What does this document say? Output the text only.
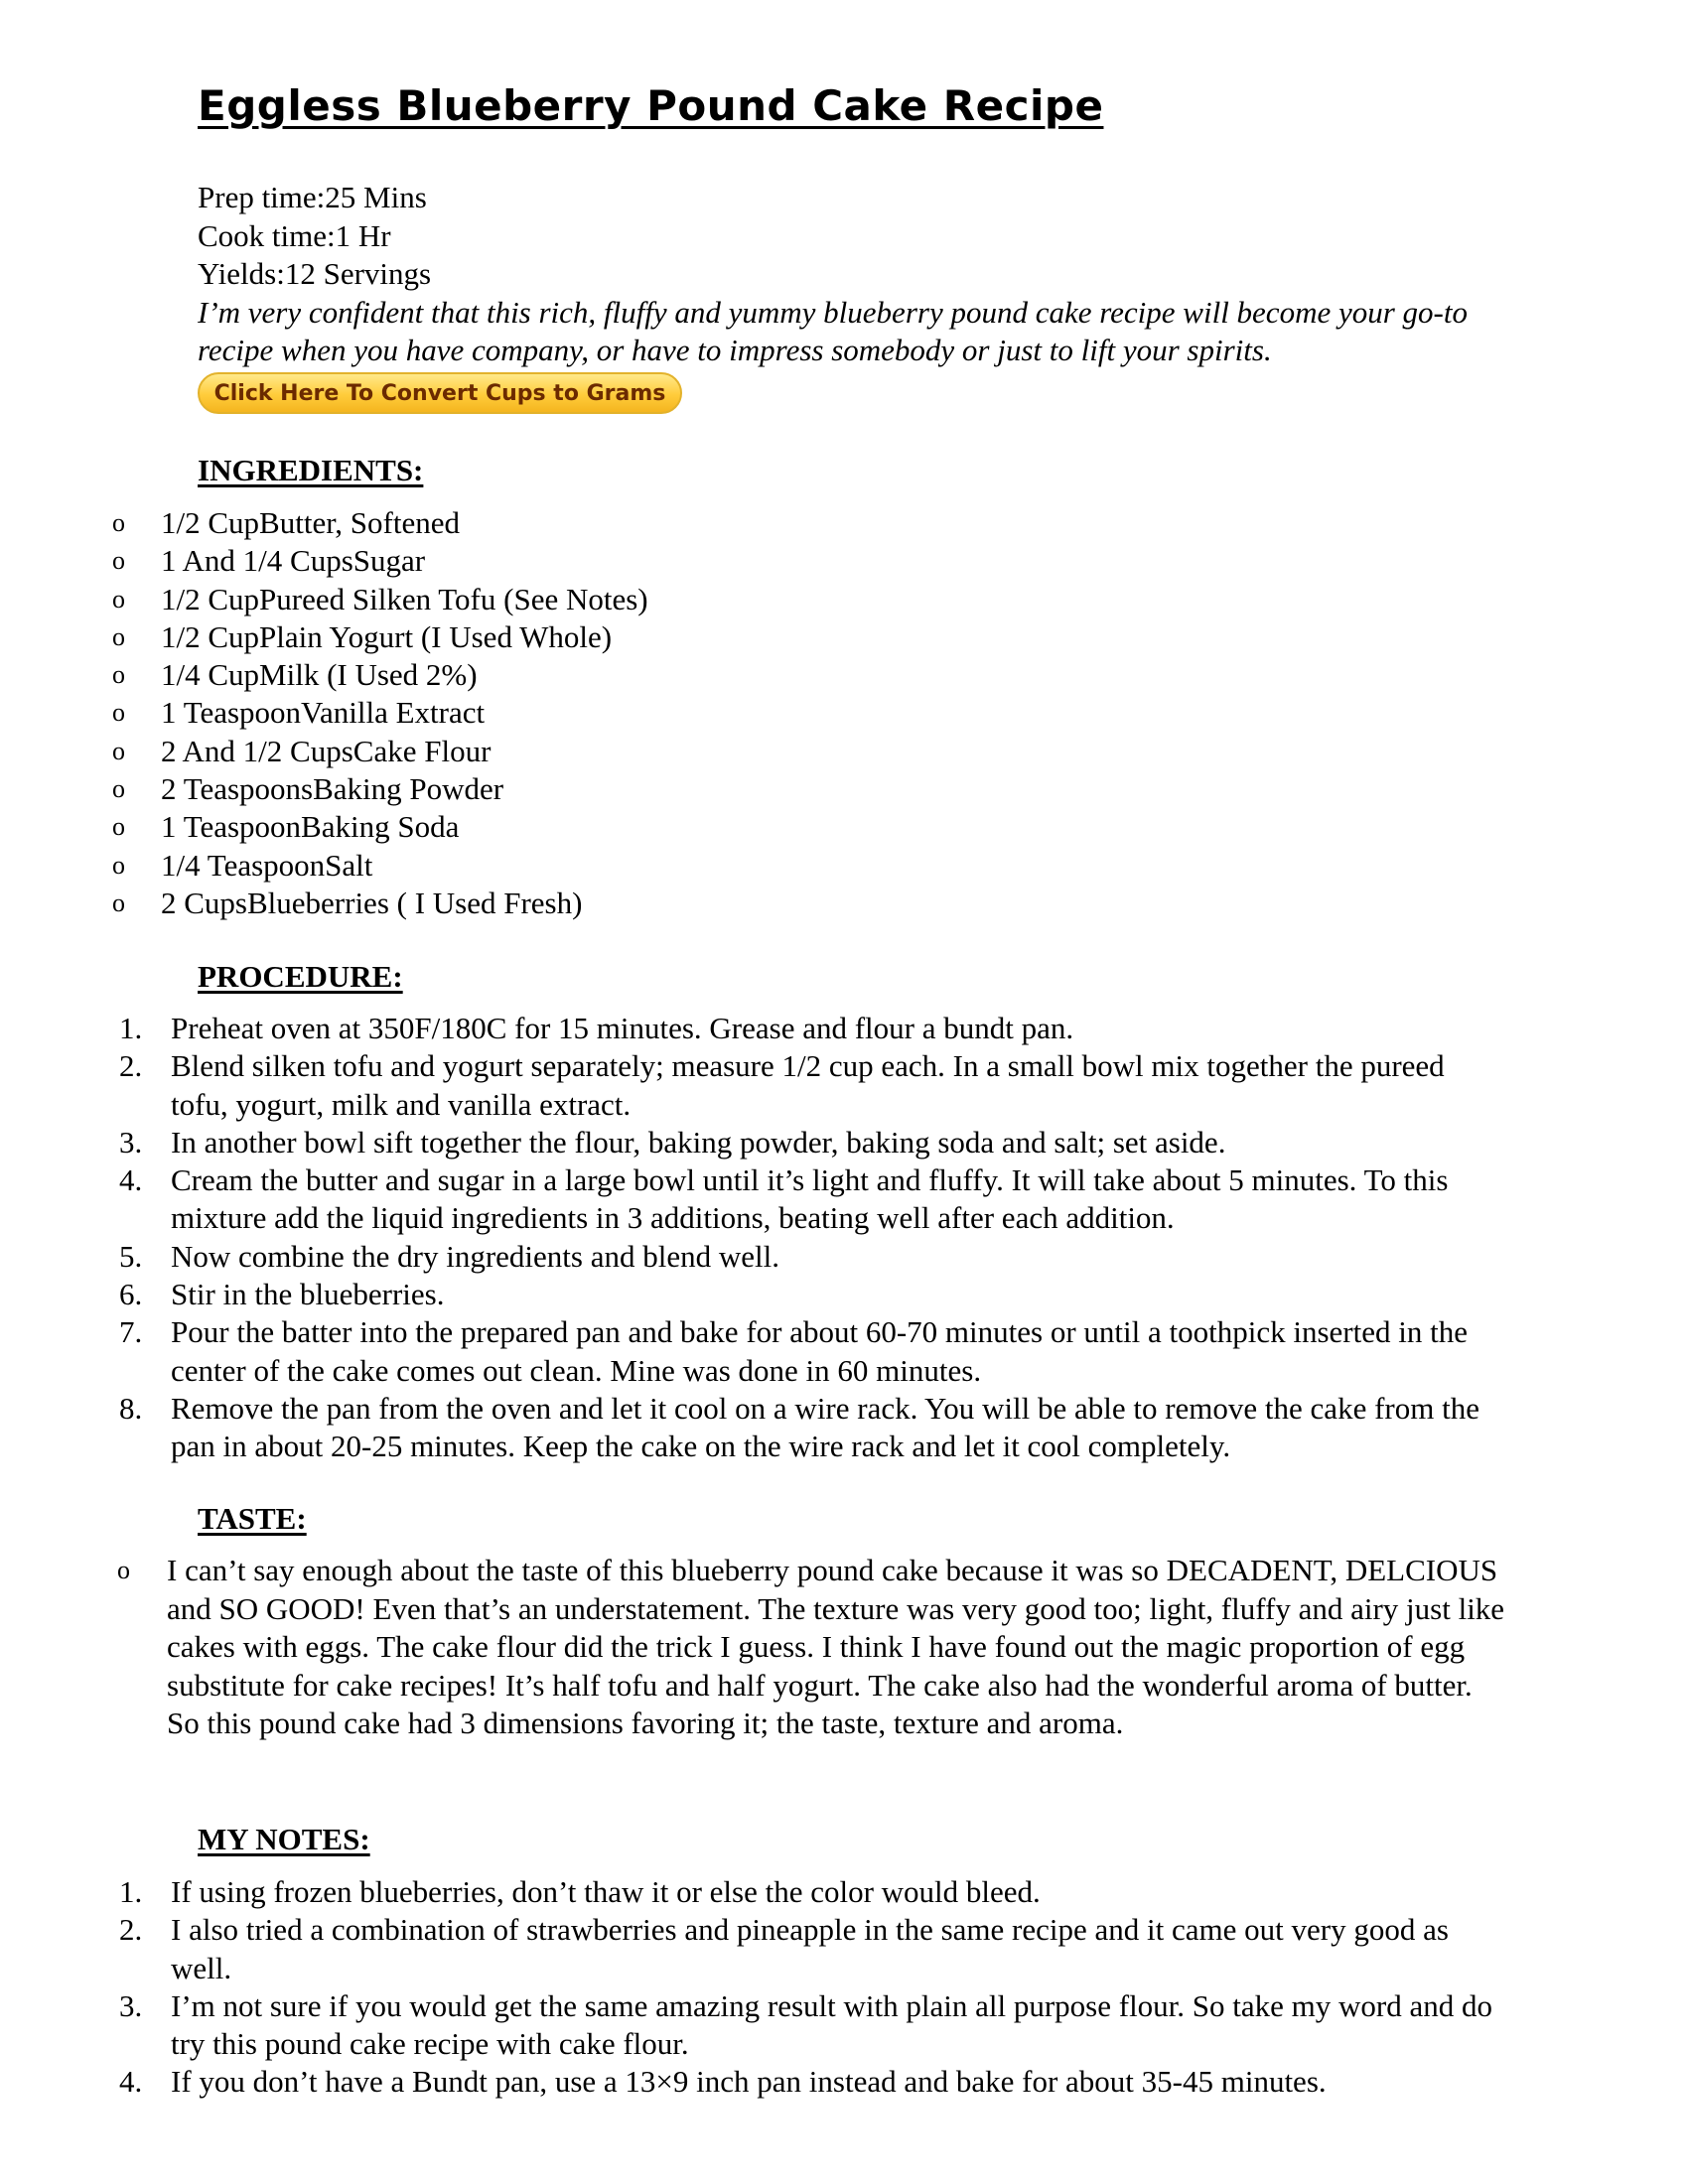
Eggless Blueberry Pound Cake Recipe
Prep time:25 Mins
Cook time:1 Hr
Yields:12 Servings
I’m very confident that this rich, fluffy and yummy blueberry pound cake recipe will become your go-to recipe when you have company, or have to impress somebody or just to lift your spirits.
Click Here To Convert Cups to Grams
INGREDIENTS:
o 1/2 CupButter, Softened
o 1 And 1/4 CupsSugar
o 1/2 CupPureed Silken Tofu (See Notes)
o 1/2 CupPlain Yogurt (I Used Whole)
o 1/4 CupMilk (I Used 2%)
o 1 TeaspoonVanilla Extract
o 2 And 1/2 CupsCake Flour
o 2 TeaspoonsBaking Powder
o 1 TeaspoonBaking Soda
o 1/4 TeaspoonSalt
o 2 CupsBlueberries ( I Used Fresh)
PROCEDURE:
1. Preheat oven at 350F/180C for 15 minutes. Grease and flour a bundt pan.
2. Blend silken tofu and yogurt separately; measure 1/2 cup each. In a small bowl mix together the pureed tofu, yogurt, milk and vanilla extract.
3. In another bowl sift together the flour, baking powder, baking soda and salt; set aside.
4. Cream the butter and sugar in a large bowl until it’s light and fluffy. It will take about 5 minutes. To this mixture add the liquid ingredients in 3 additions, beating well after each addition.
5. Now combine the dry ingredients and blend well.
6. Stir in the blueberries.
7. Pour the batter into the prepared pan and bake for about 60-70 minutes or until a toothpick inserted in the center of the cake comes out clean. Mine was done in 60 minutes.
8. Remove the pan from the oven and let it cool on a wire rack. You will be able to remove the cake from the pan in about 20-25 minutes. Keep the cake on the wire rack and let it cool completely.
TASTE:
o I can’t say enough about the taste of this blueberry pound cake because it was so DECADENT, DELCIOUS and SO GOOD! Even that’s an understatement. The texture was very good too; light, fluffy and airy just like cakes with eggs. The cake flour did the trick I guess. I think I have found out the magic proportion of egg substitute for cake recipes! It’s half tofu and half yogurt. The cake also had the wonderful aroma of butter. So this pound cake had 3 dimensions favoring it; the taste, texture and aroma.
MY NOTES:
1. If using frozen blueberries, don’t thaw it or else the color would bleed.
2. I also tried a combination of strawberries and pineapple in the same recipe and it came out very good as well.
3. I’m not sure if you would get the same amazing result with plain all purpose flour. So take my word and do try this pound cake recipe with cake flour.
4. If you don’t have a Bundt pan, use a 13×9 inch pan instead and bake for about 35-45 minutes.
